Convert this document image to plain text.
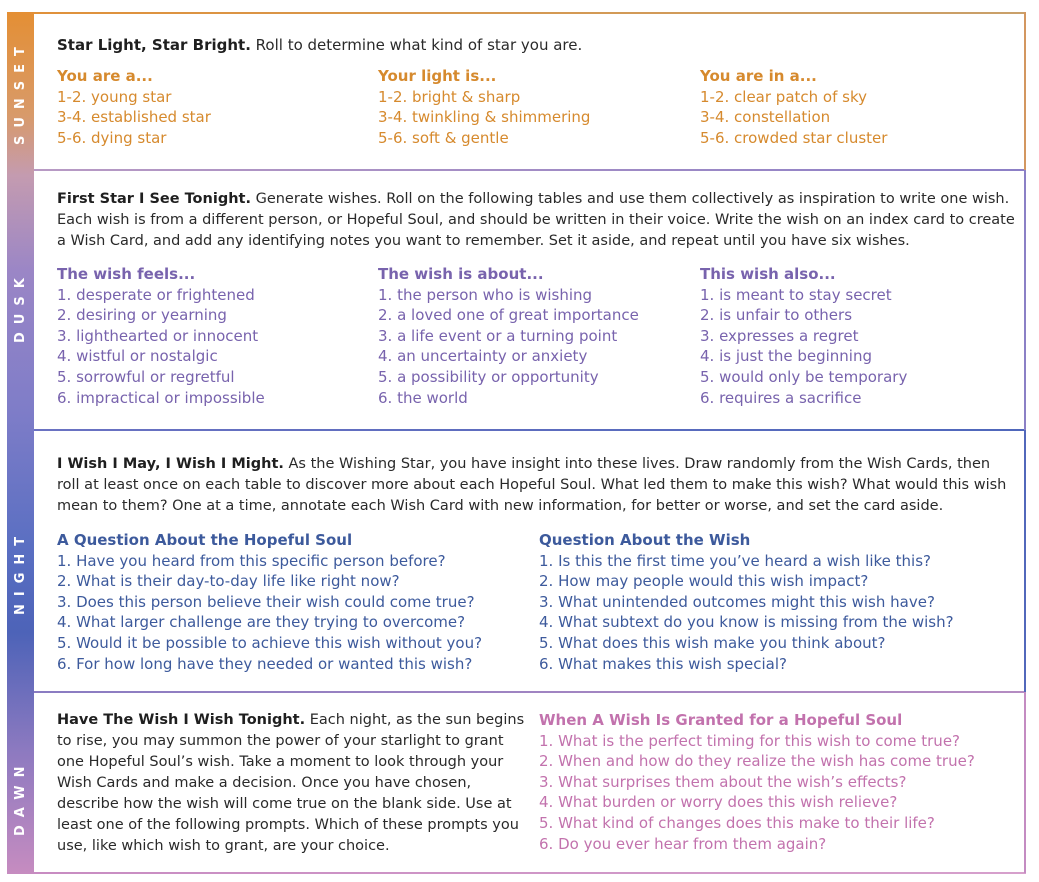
SUNSET
DUSK
NIGHT
DAWN
Star Light, Star Bright. Roll to determine what kind of star you are.
You are a...
1-2. young star
3-4. established star
5-6. dying star
Your light is...
1-2. bright & sharp
3-4. twinkling & shimmering
5-6. soft & gentle
You are in a...
1-2. clear patch of sky
3-4. constellation
5-6. crowded star cluster
First Star I See Tonight. Generate wishes. Roll on the following tables and use them collectively as inspiration to write one wish. Each wish is from a different person, or Hopeful Soul, and should be written in their voice. Write the wish on an index card to create a Wish Card, and add any identifying notes you want to remember. Set it aside, and repeat until you have six wishes.
The wish feels...
1. desperate or frightened
2. desiring or yearning
3. lighthearted or innocent
4. wistful or nostalgic
5. sorrowful or regretful
6. impractical or impossible
The wish is about...
1. the person who is wishing
2. a loved one of great importance
3. a life event or a turning point
4. an uncertainty or anxiety
5. a possibility or opportunity
6. the world
This wish also...
1. is meant to stay secret
2. is unfair to others
3. expresses a regret
4. is just the beginning
5. would only be temporary
6. requires a sacrifice
I Wish I May, I Wish I Might. As the Wishing Star, you have insight into these lives. Draw randomly from the Wish Cards, then roll at least once on each table to discover more about each Hopeful Soul. What led them to make this wish? What would this wish mean to them? One at a time, annotate each Wish Card with new information, for better or worse, and set the card aside.
A Question About the Hopeful Soul
1. Have you heard from this specific person before?
2. What is their day-to-day life like right now?
3. Does this person believe their wish could come true?
4. What larger challenge are they trying to overcome?
5. Would it be possible to achieve this wish without you?
6. For how long have they needed or wanted this wish?
Question About the Wish
1. Is this the first time you’ve heard a wish like this?
2. How may people would this wish impact?
3. What unintended outcomes might this wish have?
4. What subtext do you know is missing from the wish?
5. What does this wish make you think about?
6. What makes this wish special?
Have The Wish I Wish Tonight. Each night, as the sun begins to rise, you may summon the power of your starlight to grant one Hopeful Soul’s wish. Take a moment to look through your Wish Cards and make a decision. Once you have chosen, describe how the wish will come true on the blank side. Use at least one of the following prompts. Which of these prompts you use, like which wish to grant, are your choice.
When A Wish Is Granted for a Hopeful Soul
1. What is the perfect timing for this wish to come true?
2. When and how do they realize the wish has come true?
3. What surprises them about the wish’s effects?
4. What burden or worry does this wish relieve?
5. What kind of changes does this make to their life?
6. Do you ever hear from them again?
